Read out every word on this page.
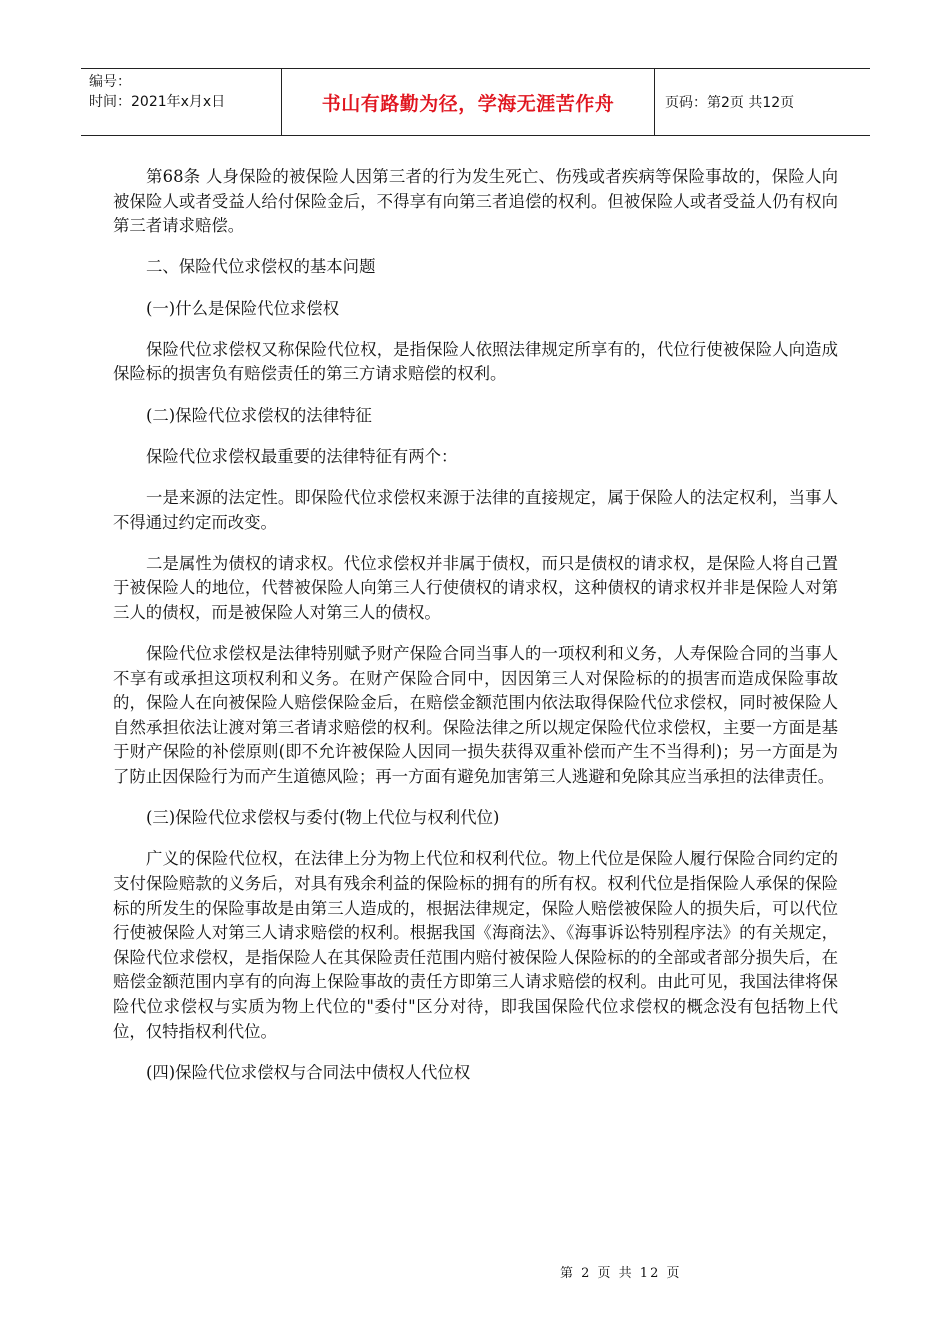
编号：
时间：2021年x月x日	书山有路勤为径，学海无涯苦作舟	页码：第2页 共12页

第68条 人身保险的被保险人因第三者的行为发生死亡、伤残或者疾病等保险事故的，保险人向被保险人或者受益人给付保险金后，不得享有向第三者追偿的权利。但被保险人或者受益人仍有权向第三者请求赔偿。

二、保险代位求偿权的基本问题

(一)什么是保险代位求偿权

保险代位求偿权又称保险代位权，是指保险人依照法律规定所享有的，代位行使被保险人向造成保险标的损害负有赔偿责任的第三方请求赔偿的权利。

(二)保险代位求偿权的法律特征

保险代位求偿权最重要的法律特征有两个：

一是来源的法定性。即保险代位求偿权来源于法律的直接规定，属于保险人的法定权利，当事人不得通过约定而改变。

二是属性为债权的请求权。代位求偿权并非属于债权，而只是债权的请求权，是保险人将自己置于被保险人的地位，代替被保险人向第三人行使债权的请求权，这种债权的请求权并非是保险人对第三人的债权，而是被保险人对第三人的债权。

保险代位求偿权是法律特别赋予财产保险合同当事人的一项权利和义务，人寿保险合同的当事人不享有或承担这项权利和义务。在财产保险合同中，因因第三人对保险标的的损害而造成保险事故的，保险人在向被保险人赔偿保险金后，在赔偿金额范围内依法取得保险代位求偿权，同时被保险人自然承担依法让渡对第三者请求赔偿的权利。保险法律之所以规定保险代位求偿权，主要一方面是基于财产保险的补偿原则(即不允许被保险人因同一损失获得双重补偿而产生不当得利)；另一方面是为了防止因保险行为而产生道德风险；再一方面有避免加害第三人逃避和免除其应当承担的法律责任。

(三)保险代位求偿权与委付(物上代位与权利代位)

广义的保险代位权，在法律上分为物上代位和权利代位。物上代位是保险人履行保险合同约定的支付保险赔款的义务后，对具有残余利益的保险标的拥有的所有权。权利代位是指保险人承保的保险标的所发生的保险事故是由第三人造成的，根据法律规定，保险人赔偿被保险人的损失后，可以代位行使被保险人对第三人请求赔偿的权利。根据我国《海商法》、《海事诉讼特别程序法》的有关规定，保险代位求偿权，是指保险人在其保险责任范围内赔付被保险人保险标的的全部或者部分损失后，在赔偿金额范围内享有的向海上保险事故的责任方即第三人请求赔偿的权利。由此可见，我国法律将保险代位求偿权与实质为物上代位的"委付"区分对待，即我国保险代位求偿权的概念没有包括物上代位，仅特指权利代位。

(四)保险代位求偿权与合同法中债权人代位权

第 2 页 共 12 页
